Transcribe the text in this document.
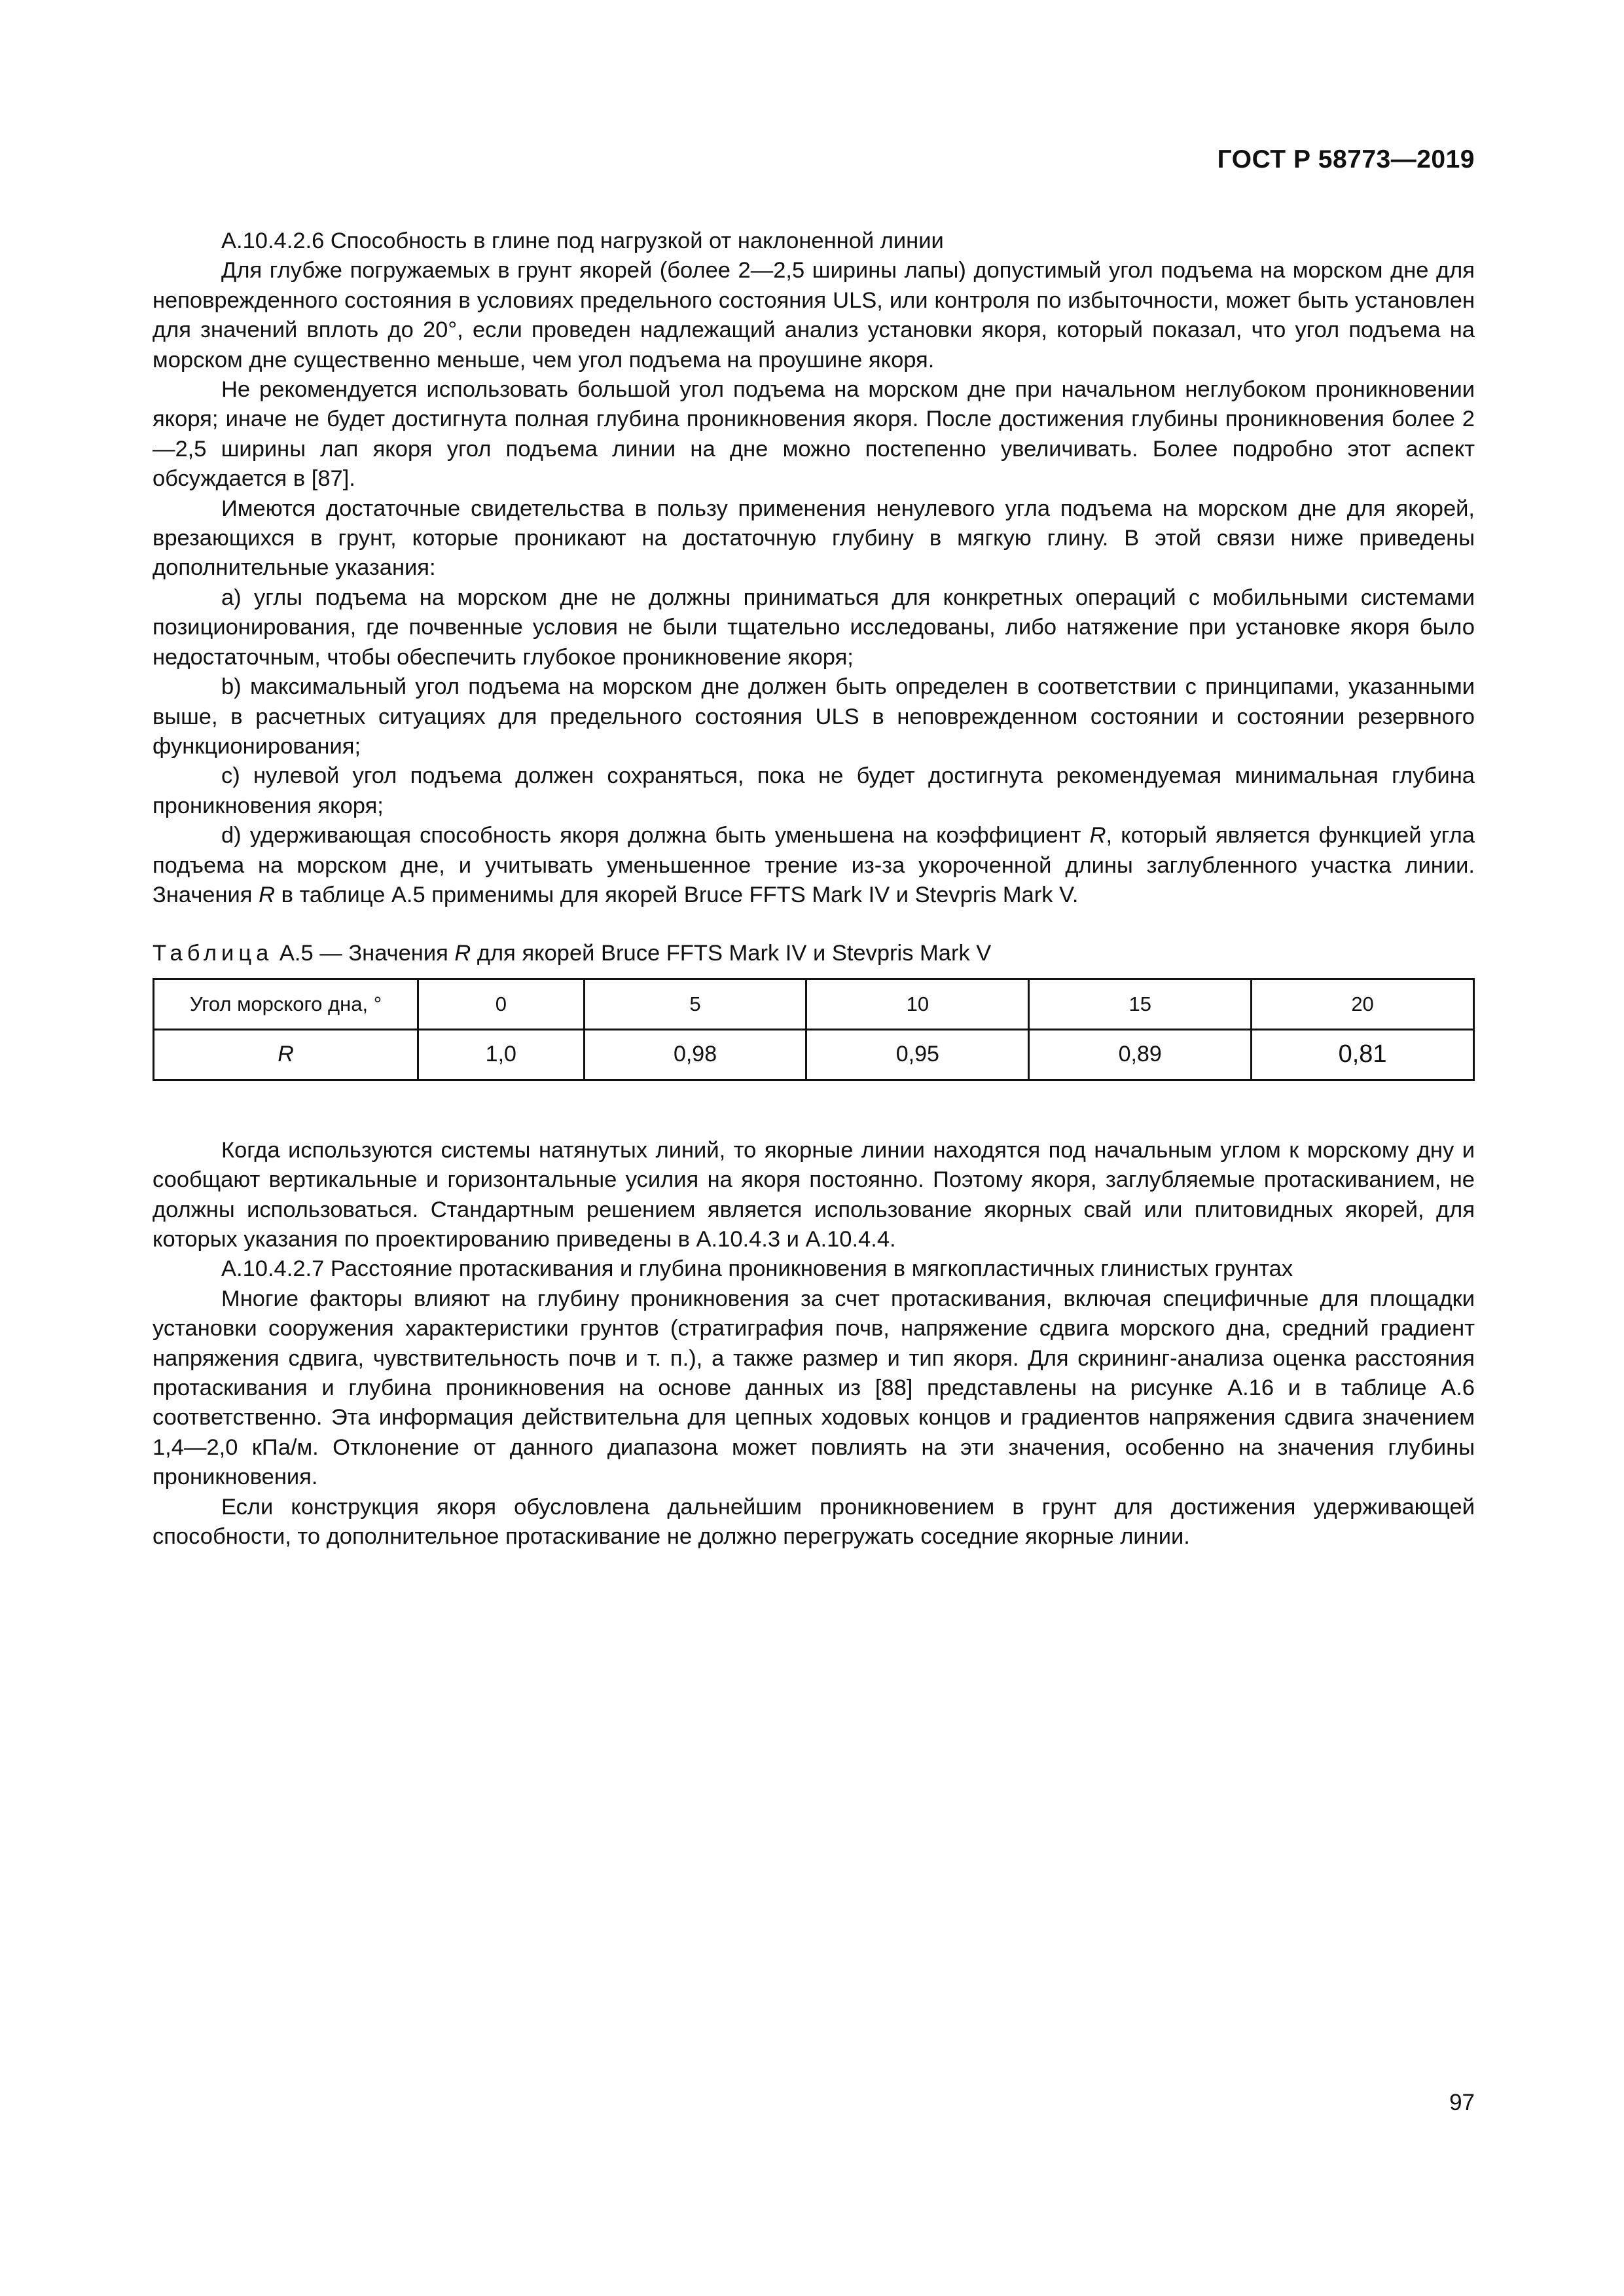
ГОСТ Р 58773—2019

А.10.4.2.6 Способность в глине под нагрузкой от наклоненной линии

Для глубже погружаемых в грунт якорей (более 2—2,5 ширины лапы) допустимый угол подъема на морском дне для неповрежденного состояния в условиях предельного состояния ULS, или контроля по избыточности, может быть установлен для значений вплоть до 20°, если проведен надлежащий анализ установки якоря, который показал, что угол подъема на морском дне существенно меньше, чем угол подъема на проушине якоря.

Не рекомендуется использовать большой угол подъема на морском дне при начальном неглубоком проникновении якоря; иначе не будет достигнута полная глубина проникновения якоря. После достижения глубины проникновения более 2—2,5 ширины лап якоря угол подъема линии на дне можно постепенно увеличивать. Более подробно этот аспект обсуждается в [87].

Имеются достаточные свидетельства в пользу применения ненулевого угла подъема на морском дне для якорей, врезающихся в грунт, которые проникают на достаточную глубину в мягкую глину. В этой связи ниже приведены дополнительные указания:

a) углы подъема на морском дне не должны приниматься для конкретных операций с мобильными системами позиционирования, где почвенные условия не были тщательно исследованы, либо натяжение при установке якоря было недостаточным, чтобы обеспечить глубокое проникновение якоря;

b) максимальный угол подъема на морском дне должен быть определен в соответствии с принципами, указанными выше, в расчетных ситуациях для предельного состояния ULS в неповрежденном состоянии и состоянии резервного функционирования;

c) нулевой угол подъема должен сохраняться, пока не будет достигнута рекомендуемая минимальная глубина проникновения якоря;

d) удерживающая способность якоря должна быть уменьшена на коэффициент R, который является функцией угла подъема на морском дне, и учитывать уменьшенное трение из-за укороченной длины заглубленного участка линии. Значения R в таблице А.5 применимы для якорей Bruce FFTS Mark IV и Stevpris Mark V.

Таблица А.5 — Значения R для якорей Bruce FFTS Mark IV и Stevpris Mark V

Угол морского дна, °	0	5	10	15	20
R	1,0	0,98	0,95	0,89	0,81

Когда используются системы натянутых линий, то якорные линии находятся под начальным углом к морскому дну и сообщают вертикальные и горизонтальные усилия на якоря постоянно. Поэтому якоря, заглубляемые протаскиванием, не должны использоваться. Стандартным решением является использование якорных свай или плитовидных якорей, для которых указания по проектированию приведены в А.10.4.3 и А.10.4.4.

А.10.4.2.7 Расстояние протаскивания и глубина проникновения в мягкопластичных глинистых грунтах

Многие факторы влияют на глубину проникновения за счет протаскивания, включая специфичные для площадки установки сооружения характеристики грунтов (стратиграфия почв, напряжение сдвига морского дна, средний градиент напряжения сдвига, чувствительность почв и т. п.), а также размер и тип якоря. Для скрининг-анализа оценка расстояния протаскивания и глубина проникновения на основе данных из [88] представлены на рисунке А.16 и в таблице А.6 соответственно. Эта информация действительна для цепных ходовых концов и градиентов напряжения сдвига значением 1,4—2,0 кПа/м. Отклонение от данного диапазона может повлиять на эти значения, особенно на значения глубины проникновения.

Если конструкция якоря обусловлена дальнейшим проникновением в грунт для достижения удерживающей способности, то дополнительное протаскивание не должно перегружать соседние якорные линии.

97
